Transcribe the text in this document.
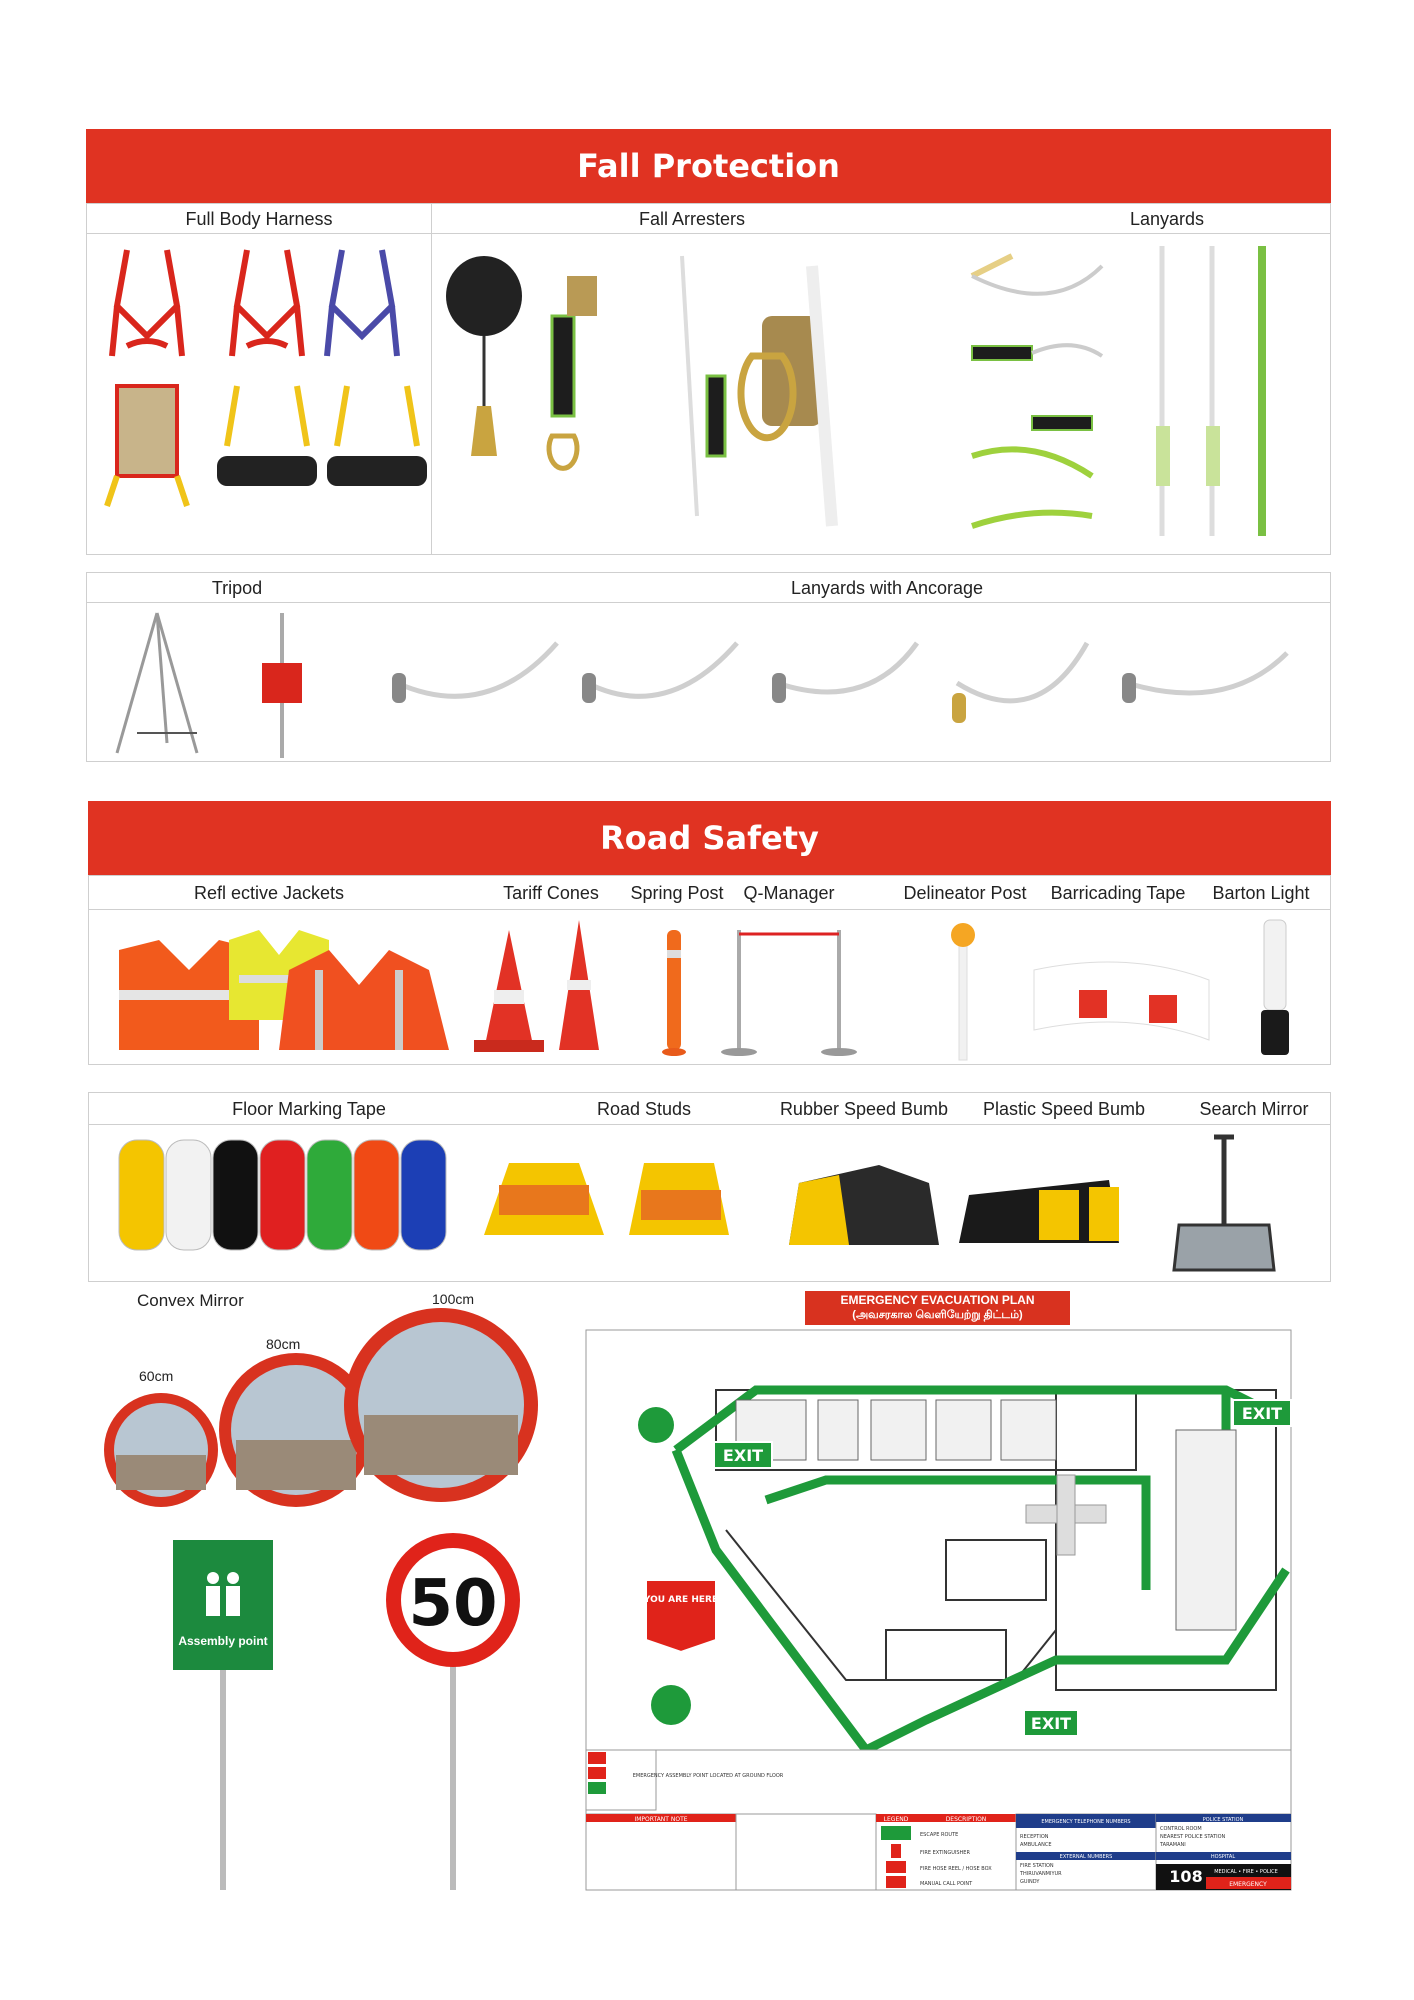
Fall Protection
Full Body Harness	Fall Arresters	Lanyards
Tripod	Lanyards with Ancorage
Road Safety
Refl ective Jackets	Tariff Cones Spring Post Q-Manager	Delineator Post	Barricading Tape	Barton Light
Floor Marking Tape	Road Studs	Rubber Speed Bumb	Plastic Speed Bumb	Search Mirror
Convex Mirror
60cm
80cm
100cm
Assembly point 50
EMERGENCY EVACUATION PLAN
(அவசரகால வெளியேற்று திட்டம்)
EXIT
EXIT
EXIT
YOU ARE HERE
EMERGENCY ASSEMBLY POINT LOCATED AT GROUND FLOOR
IMPORTANT NOTE	LEGEND	DESCRIPTION
ESCAPE ROUTE
FIRE EXTINGUISHER
FIRE HOSE REEL / HOSE BOX
MANUAL CALL POINT
EMERGENCY TELEPHONE NUMBERS
RECEPTION
AMBULANCE
EXTERNAL NUMBERS
FIRE STATION
THIRUVANMIYUR
GUINDY
POLICE STATION
CONTROL ROOM
NEAREST POLICE STATION
TARAMANI
HOSPITAL
108 MEDICAL • FIRE • POLICE
EMERGENCY
